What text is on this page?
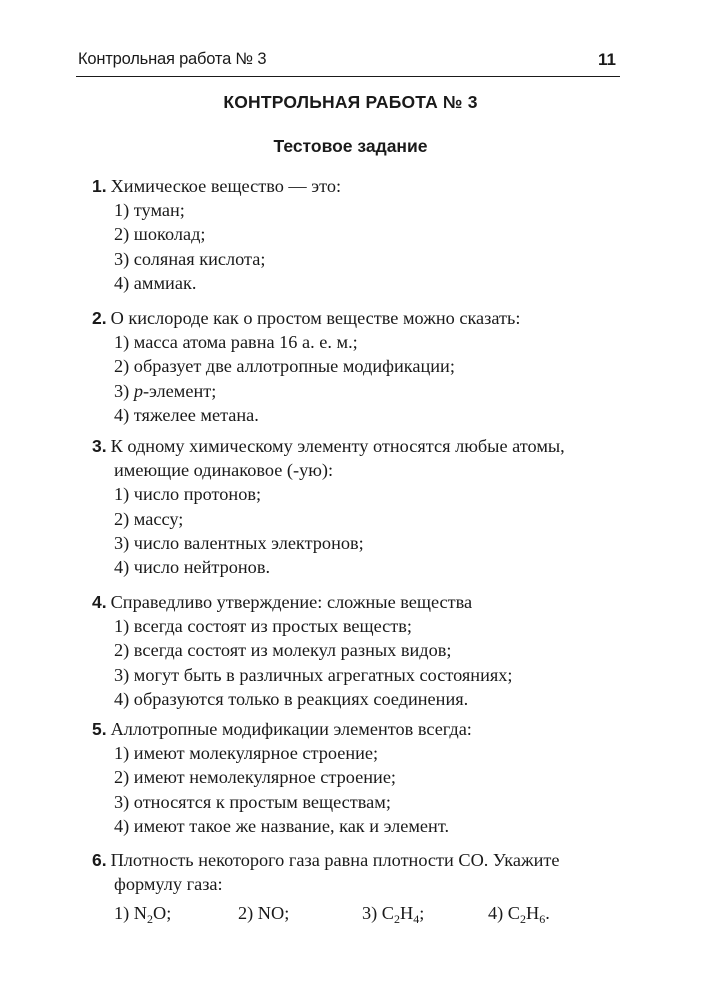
Контрольная работа № 3	11
КОНТРОЛЬНАЯ РАБОТА № 3
Тестовое задание
1. Химическое вещество — это:
1) туман;
2) шоколад;
3) соляная кислота;
4) аммиак.
2. О кислороде как о простом веществе можно сказать:
1) масса атома равна 16 а. е. м.;
2) образует две аллотропные модификации;
3) p-элемент;
4) тяжелее метана.
3. К одному химическому элементу относятся любые атомы,
имеющие одинаковое (-ую):
1) число протонов;
2) массу;
3) число валентных электронов;
4) число нейтронов.
4. Справедливо утверждение: сложные вещества
1) всегда состоят из простых веществ;
2) всегда состоят из молекул разных видов;
3) могут быть в различных агрегатных состояниях;
4) образуются только в реакциях соединения.
5. Аллотропные модификации элементов всегда:
1) имеют молекулярное строение;
2) имеют немолекулярное строение;
3) относятся к простым веществам;
4) имеют такое же название, как и элемент.
6. Плотность некоторого газа равна плотности CO. Укажите
формулу газа:
1) $N_2O$;	2) NO;	3) $C_2H_4$;	4) $C_2H_6$.
